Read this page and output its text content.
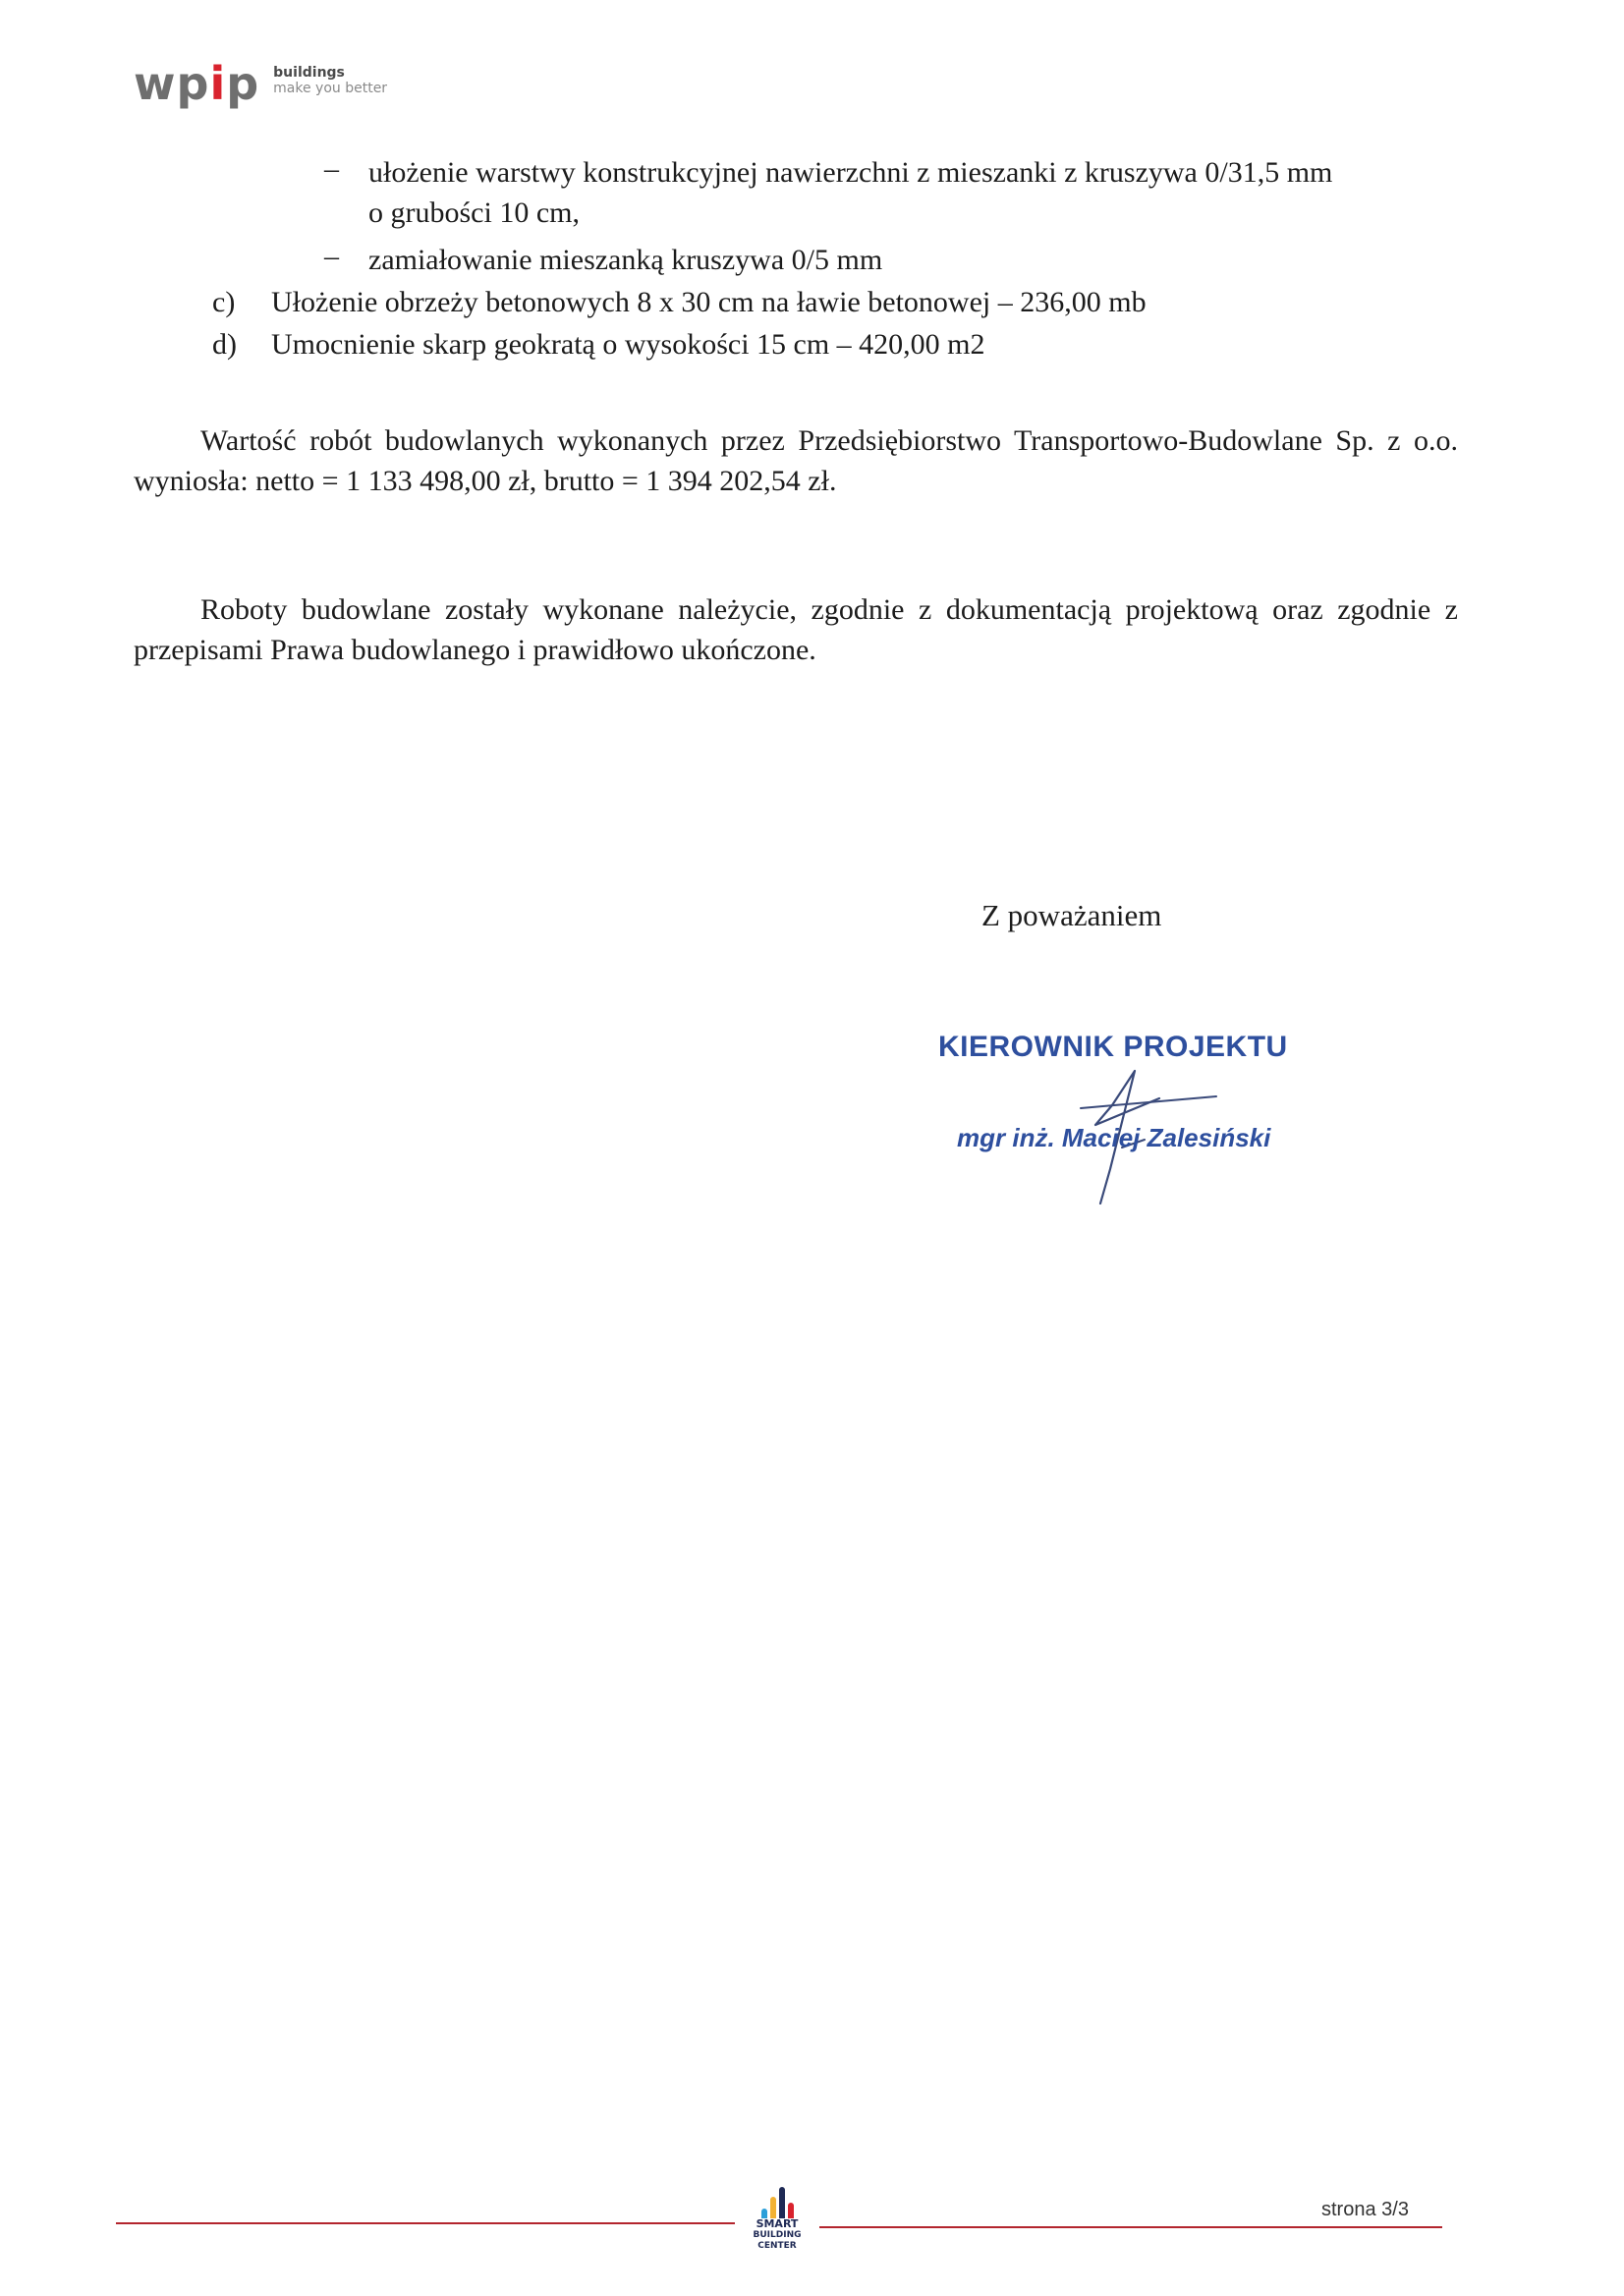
wpip buildings
make you better
– ułożenie warstwy konstrukcyjnej nawierzchni z mieszanki z kruszywa 0/31,5 mm
o grubości 10 cm,
– zamiałowanie mieszanką kruszywa 0/5 mm
c) Ułożenie obrzeży betonowych 8 x 30 cm na ławie betonowej – 236,00 mb
d) Umocnienie skarp geokratą o wysokości 15 cm – 420,00 m2

Wartość robót budowlanych wykonanych przez Przedsiębiorstwo Transportowo-Budowlane Sp. z o.o. wyniosła: netto = 1 133 498,00 zł, brutto = 1 394 202,54 zł.

Roboty budowlane zostały wykonane należycie, zgodnie z dokumentacją projektową oraz zgodnie z przepisami Prawa budowlanego i prawidłowo ukończone.

Z poważaniem
KIEROWNIK PROJEKTU
mgr inż. Maciej Zalesiński
SMART
BUILDING
CENTER
strona 3/3
